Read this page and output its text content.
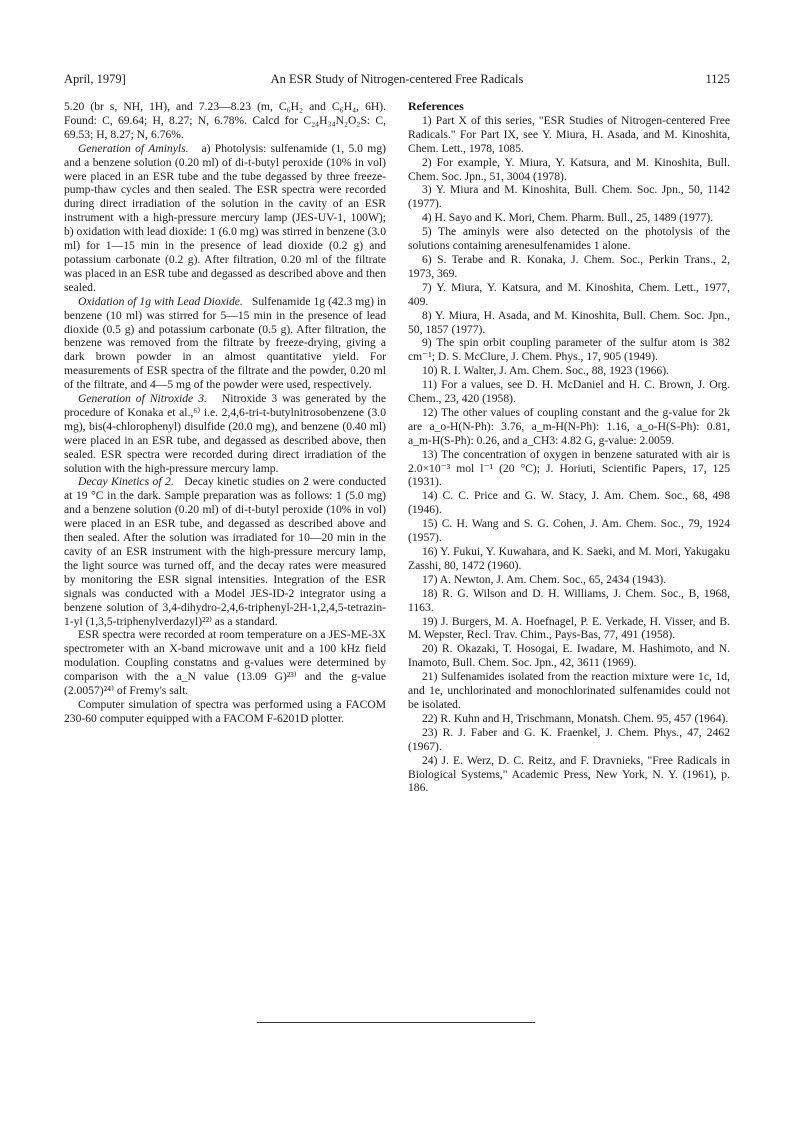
April, 1979]	An ESR Study of Nitrogen-centered Free Radicals	1125

5.20 (br s, NH, 1H), and 7.23—8.23 (m, C₆H₂ and C₆H₄, 6H). Found: C, 69.64; H, 8.27; N, 6.78%. Calcd for C₂₄H₃₄N₂O₂S: C, 69.53; H, 8.27; N, 6.76%.

Generation of Aminyls. a) Photolysis: sulfenamide (1, 5.0 mg) and a benzene solution (0.20 ml) of di-t-butyl peroxide (10% in vol) were placed in an ESR tube and the tube degassed by three freeze-pump-thaw cycles and then sealed. The ESR spectra were recorded during direct irradiation of the solution in the cavity of an ESR instrument with a high-pressure mercury lamp (JES-UV-1, 100W); b) oxidation with lead dioxide: 1 (6.0 mg) was stirred in benzene (3.0 ml) for 1—15 min in the presence of lead dioxide (0.2 g) and potassium carbonate (0.2 g). After filtration, 0.20 ml of the filtrate was placed in an ESR tube and degassed as described above and then sealed.

Oxidation of 1g with Lead Dioxide. Sulfenamide 1g (42.3 mg) in benzene (10 ml) was stirred for 5—15 min in the presence of lead dioxide (0.5 g) and potassium carbonate (0.5 g). After filtration, the benzene was removed from the filtrate by freeze-drying, giving a dark brown powder in an almost quantitative yield. For measurements of ESR spectra of the filtrate and the powder, 0.20 ml of the filtrate, and 4—5 mg of the powder were used, respectively.

Generation of Nitroxide 3. Nitroxide 3 was generated by the procedure of Konaka et al.,⁶⁾ i.e. 2,4,6-tri-t-butylnitrosobenzene (3.0 mg), bis(4-chlorophenyl) disulfide (20.0 mg), and benzene (0.40 ml) were placed in an ESR tube, and degassed as described above, then sealed. ESR spectra were recorded during direct irradiation of the solution with the high-pressure mercury lamp.

Decay Kinetics of 2. Decay kinetic studies on 2 were conducted at 19 °C in the dark. Sample preparation was as follows: 1 (5.0 mg) and a benzene solution (0.20 ml) of di-t-butyl peroxide (10% in vol) were placed in an ESR tube, and degassed as described above and then sealed. After the solution was irradiated for 10—20 min in the cavity of an ESR instrument with the high-pressure mercury lamp, the light source was turned off, and the decay rates were measured by monitoring the ESR signal intensities. Integration of the ESR signals was conducted with a Model JES-ID-2 integrator using a benzene solution of 3,4-dihydro-2,4,6-triphenyl-2H-1,2,4,5-tetrazin-1-yl (1,3,5-triphenylverdazyl)²²⁾ as a standard.

ESR spectra were recorded at room temperature on a JES-ME-3X spectrometer with an X-band microwave unit and a 100 kHz field modulation. Coupling constatns and g-values were determined by comparison with the a_N value (13.09 G)²³⁾ and the g-value (2.0057)²⁴⁾ of Fremy's salt.

Computer simulation of spectra was performed using a FACOM 230-60 computer equipped with a FACOM F-6201D plotter.

References

1) Part X of this series, "ESR Studies of Nitrogen-centered Free Radicals." For Part IX, see Y. Miura, H. Asada, and M. Kinoshita, Chem. Lett., 1978, 1085.

2) For example, Y. Miura, Y. Katsura, and M. Kinoshita, Bull. Chem. Soc. Jpn., 51, 3004 (1978).

3) Y. Miura and M. Kinoshita, Bull. Chem. Soc. Jpn., 50, 1142 (1977).

4) H. Sayo and K. Mori, Chem. Pharm. Bull., 25, 1489 (1977).

5) The aminyls were also detected on the photolysis of the solutions containing arenesulfenamides 1 alone.

6) S. Terabe and R. Konaka, J. Chem. Soc., Perkin Trans., 2, 1973, 369.

7) Y. Miura, Y. Katsura, and M. Kinoshita, Chem. Lett., 1977, 409.

8) Y. Miura, H. Asada, and M. Kinoshita, Bull. Chem. Soc. Jpn., 50, 1857 (1977).

9) The spin orbit coupling parameter of the sulfur atom is 382 cm⁻¹; D. S. McClure, J. Chem. Phys., 17, 905 (1949).

10) R. I. Walter, J. Am. Chem. Soc., 88, 1923 (1966).

11) For a values, see D. H. McDaniel and H. C. Brown, J. Org. Chem., 23, 420 (1958).

12) The other values of coupling constant and the g-value for 2k are a_o-H(N-Ph): 3.76, a_m-H(N-Ph): 1.16, a_o-H(S-Ph): 0.81, a_m-H(S-Ph): 0.26, and a_CH3: 4.82 G, g-value: 2.0059.

13) The concentration of oxygen in benzene saturated with air is 2.0×10⁻³ mol l⁻¹ (20 °C); J. Horiuti, Scientific Papers, 17, 125 (1931).

14) C. C. Price and G. W. Stacy, J. Am. Chem. Soc., 68, 498 (1946).

15) C. H. Wang and S. G. Cohen, J. Am. Chem. Soc., 79, 1924 (1957).

16) Y. Fukui, Y. Kuwahara, and K. Saeki, and M. Mori, Yakugaku Zasshi, 80, 1472 (1960).

17) A. Newton, J. Am. Chem. Soc., 65, 2434 (1943).

18) R. G. Wilson and D. H. Williams, J. Chem. Soc., B, 1968, 1163.

19) J. Burgers, M. A. Hoefnagel, P. E. Verkade, H. Visser, and B. M. Wepster, Recl. Trav. Chim., Pays-Bas, 77, 491 (1958).

20) R. Okazaki, T. Hosogai, E. Iwadare, M. Hashimoto, and N. Inamoto, Bull. Chem. Soc. Jpn., 42, 3611 (1969).

21) Sulfenamides isolated from the reaction mixture were 1c, 1d, and 1e, unchlorinated and monochlorinated sulfenamides could not be isolated.

22) R. Kuhn and H, Trischmann, Monatsh. Chem. 95, 457 (1964).

23) R. J. Faber and G. K. Fraenkel, J. Chem. Phys., 47, 2462 (1967).

24) J. E. Werz, D. C. Reitz, and F. Dravnieks, "Free Radicals in Biological Systems," Academic Press, New York, N. Y. (1961), p. 186.
